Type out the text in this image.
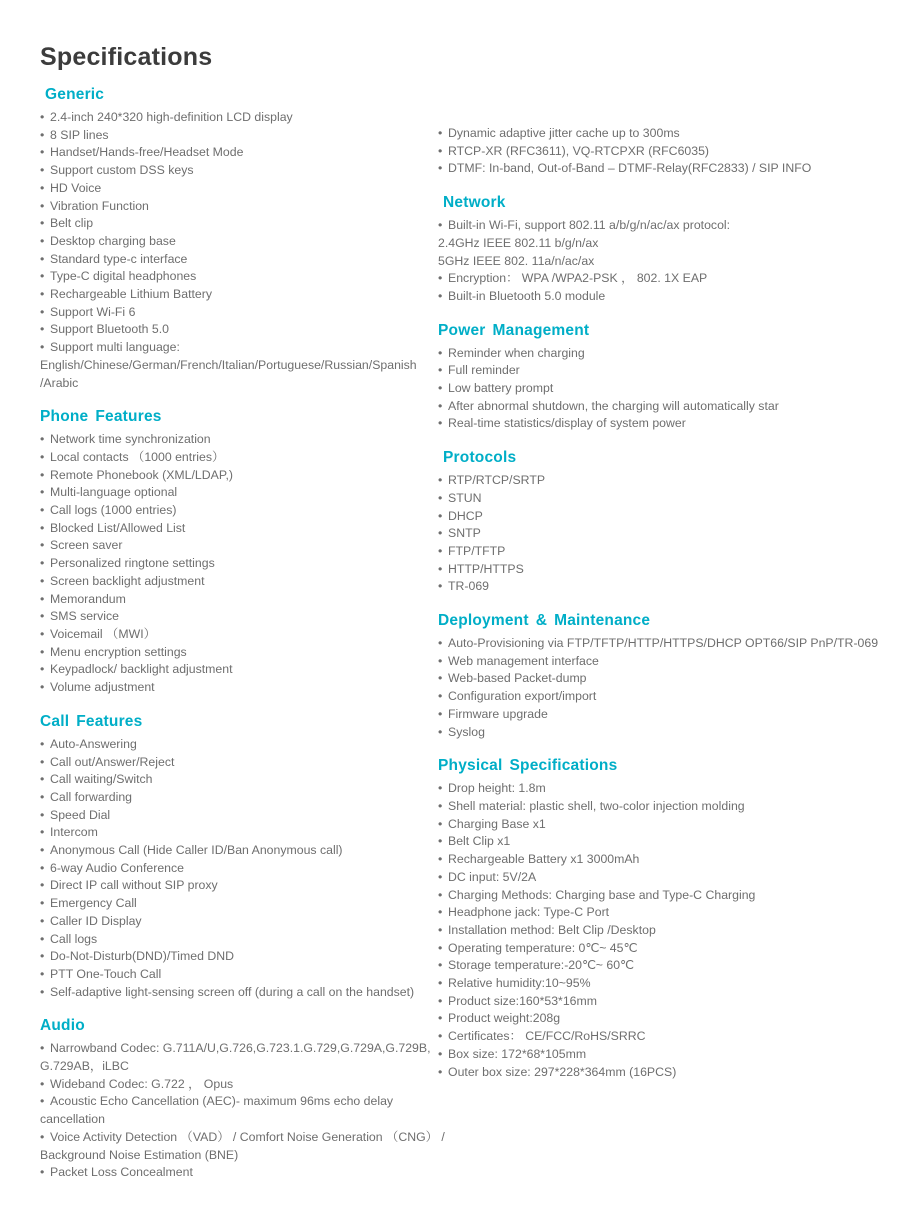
Specifications
Generic
• 2.4-inch 240*320 high-definition LCD display
• 8 SIP lines
• Handset/Hands-free/Headset Mode
• Support custom DSS keys
• HD Voice
• Vibration Function
• Belt clip
• Desktop charging base
• Standard type-c interface
• Type-C digital headphones
• Rechargeable Lithium Battery
• Support Wi-Fi 6
• Support Bluetooth 5.0
• Support multi language:
English/Chinese/German/French/Italian/Portuguese/Russian/Spanish
/Arabic
Phone Features
• Network time synchronization
• Local contacts （1000 entries）
• Remote Phonebook (XML/LDAP,)
• Multi-language optional
• Call logs (1000 entries)
• Blocked List/Allowed List
• Screen saver
• Personalized ringtone settings
• Screen backlight adjustment
• Memorandum
• SMS service
• Voicemail （MWI）
• Menu encryption settings
• Keypadlock/ backlight adjustment
• Volume adjustment
Call Features
• Auto-Answering
• Call out/Answer/Reject
• Call waiting/Switch
• Call forwarding
• Speed Dial
• Intercom
• Anonymous Call (Hide Caller ID/Ban Anonymous call)
• 6-way Audio Conference
• Direct IP call without SIP proxy
• Emergency Call
• Caller ID Display
• Call logs
• Do-Not-Disturb(DND)/Timed DND
• PTT One-Touch Call
• Self-adaptive light-sensing screen off (during a call on the handset)
Audio
• Narrowband Codec: G.711A/U,G.726,G.723.1.G.729,G.729A,G.729B,
G.729AB，iLBC
• Wideband Codec: G.722 ， Opus
• Acoustic Echo Cancellation (AEC)- maximum 96ms echo delay
cancellation
• Voice Activity Detection （VAD） / Comfort Noise Generation （CNG） /
Background Noise Estimation (BNE)
• Packet Loss Concealment
• Dynamic adaptive jitter cache up to 300ms
• RTCP-XR (RFC3611), VQ-RTCPXR (RFC6035)
• DTMF: In-band, Out-of-Band – DTMF-Relay(RFC2833) / SIP INFO
Network
• Built-in Wi-Fi, support 802.11 a/b/g/n/ac/ax protocol:
2.4GHz IEEE 802.11 b/g/n/ax
5GHz IEEE 802. 11a/n/ac/ax
• Encryption： WPA /WPA2-PSK ， 802. 1X EAP
• Built-in Bluetooth 5.0 module
Power Management
• Reminder when charging
• Full reminder
• Low battery prompt
• After abnormal shutdown, the charging will automatically star
• Real-time statistics/display of system power
Protocols
• RTP/RTCP/SRTP
• STUN
• DHCP
• SNTP
• FTP/TFTP
• HTTP/HTTPS
• TR-069
Deployment & Maintenance
• Auto-Provisioning via FTP/TFTP/HTTP/HTTPS/DHCP OPT66/SIP PnP/TR-069
• Web management interface
• Web-based Packet-dump
• Configuration export/import
• Firmware upgrade
• Syslog
Physical Specifications
• Drop height: 1.8m
• Shell material: plastic shell, two-color injection molding
• Charging Base x1
• Belt Clip x1
• Rechargeable Battery x1 3000mAh
• DC input: 5V/2A
• Charging Methods: Charging base and Type-C Charging
• Headphone jack: Type-C Port
• Installation method: Belt Clip /Desktop
• Operating temperature: 0℃~ 45℃
• Storage temperature:-20℃~ 60℃
• Relative humidity:10~95%
• Product size:160*53*16mm
• Product weight:208g
• Certificates： CE/FCC/RoHS/SRRC
• Box size: 172*68*105mm
• Outer box size: 297*228*364mm (16PCS)
